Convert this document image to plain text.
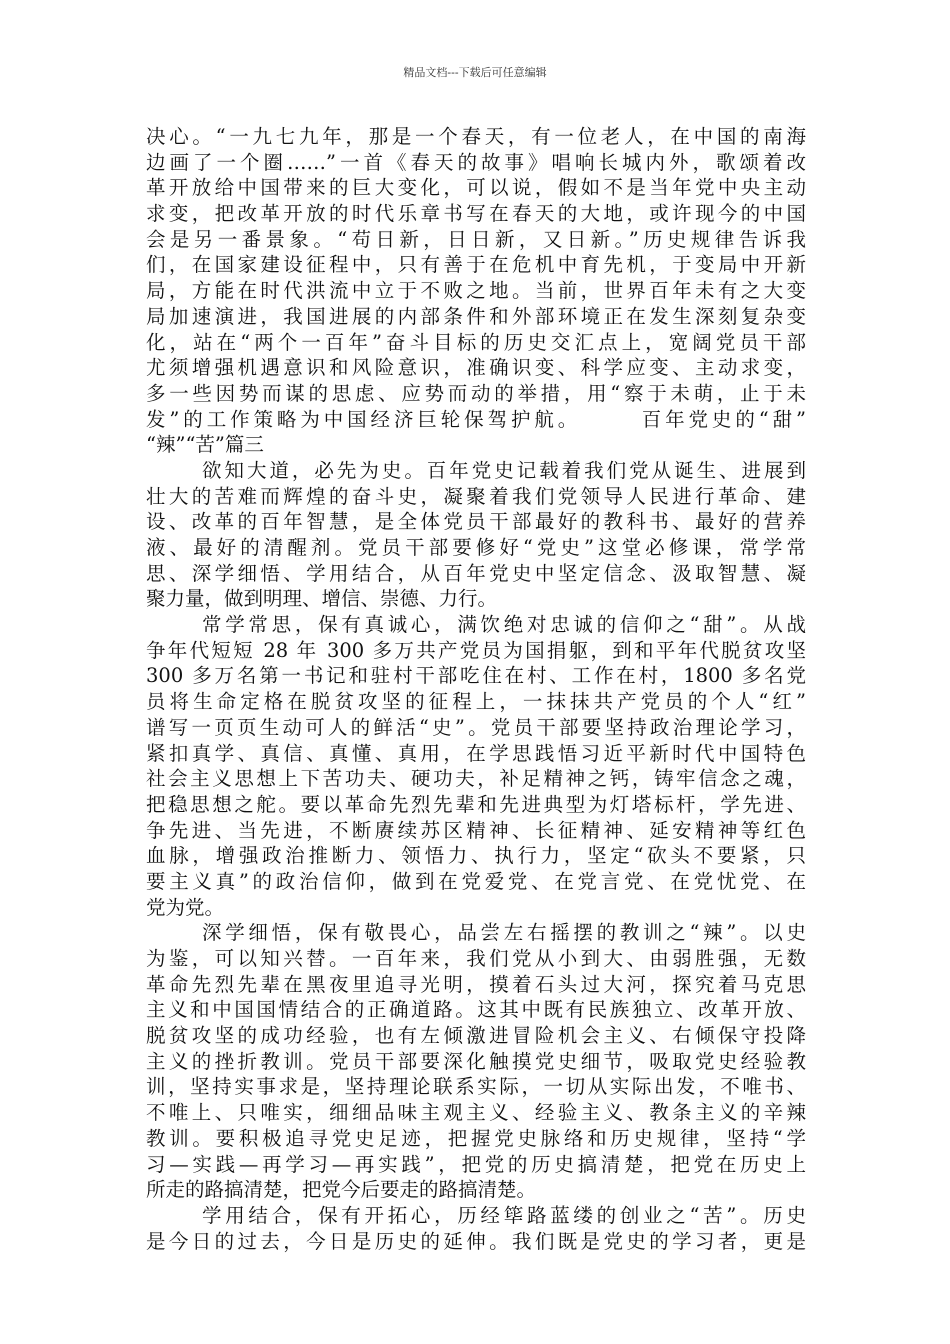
精品文档---下载后可任意编辑
决心。“一九七九年，那是一个春天，有一位老人，在中国的南海
边画了一个圈……”一首《春天的故事》唱响长城内外，歌颂着改
革开放给中国带来的巨大变化，可以说，假如不是当年党中央主动
求变，把改革开放的时代乐章书写在春天的大地，或许现今的中国
会是另一番景象。“苟日新，日日新，又日新。”历史规律告诉我
们，在国家建设征程中，只有善于在危机中育先机，于变局中开新
局，方能在时代洪流中立于不败之地。当前，世界百年未有之大变
局加速演进，我国进展的内部条件和外部环境正在发生深刻复杂变
化，站在“两个一百年”奋斗目标的历史交汇点上，宽阔党员干部
尤须增强机遇意识和风险意识，准确识变、科学应变、主动求变，
多一些因势而谋的思虑、应势而动的举措，用“察于未萌，止于未
发”的工作策略为中国经济巨轮保驾护航。　　　百年党史的“甜”
“辣”“苦”篇三
欲知大道，必先为史。百年党史记载着我们党从诞生、进展到
壮大的苦难而辉煌的奋斗史，凝聚着我们党领导人民进行革命、建
设、改革的百年智慧，是全体党员干部最好的教科书、最好的营养
液、最好的清醒剂。党员干部要修好“党史”这堂必修课，常学常
思、深学细悟、学用结合，从百年党史中坚定信念、汲取智慧、凝
聚力量，做到明理、增信、崇德、力行。
常学常思，保有真诚心，满饮绝对忠诚的信仰之“甜”。从战
争年代短短 28 年 300 多万共产党员为国捐躯，到和平年代脱贫攻坚
300 多万名第一书记和驻村干部吃住在村、工作在村，1800 多名党
员将生命定格在脱贫攻坚的征程上，一抹抹共产党员的个人“红”
谱写一页页生动可人的鲜活“史”。党员干部要坚持政治理论学习，
紧扣真学、真信、真懂、真用，在学思践悟习近平新时代中国特色
社会主义思想上下苦功夫、硬功夫，补足精神之钙，铸牢信念之魂，
把稳思想之舵。要以革命先烈先辈和先进典型为灯塔标杆，学先进、
争先进、当先进，不断赓续苏区精神、长征精神、延安精神等红色
血脉，增强政治推断力、领悟力、执行力，坚定“砍头不要紧，只
要主义真”的政治信仰，做到在党爱党、在党言党、在党忧党、在
党为党。
深学细悟，保有敬畏心，品尝左右摇摆的教训之“辣”。以史
为鉴，可以知兴替。一百年来，我们党从小到大、由弱胜强，无数
革命先烈先辈在黑夜里追寻光明，摸着石头过大河，探究着马克思
主义和中国国情结合的正确道路。这其中既有民族独立、改革开放、
脱贫攻坚的成功经验，也有左倾激进冒险机会主义、右倾保守投降
主义的挫折教训。党员干部要深化触摸党史细节，吸取党史经验教
训，坚持实事求是，坚持理论联系实际，一切从实际出发，不唯书、
不唯上、只唯实，细细品味主观主义、经验主义、教条主义的辛辣
教训。要积极追寻党史足迹，把握党史脉络和历史规律，坚持“学
习—实践—再学习—再实践”，把党的历史搞清楚，把党在历史上
所走的路搞清楚，把党今后要走的路搞清楚。
学用结合，保有开拓心，历经筚路蓝缕的创业之“苦”。历史
是今日的过去，今日是历史的延伸。我们既是党史的学习者，更是
